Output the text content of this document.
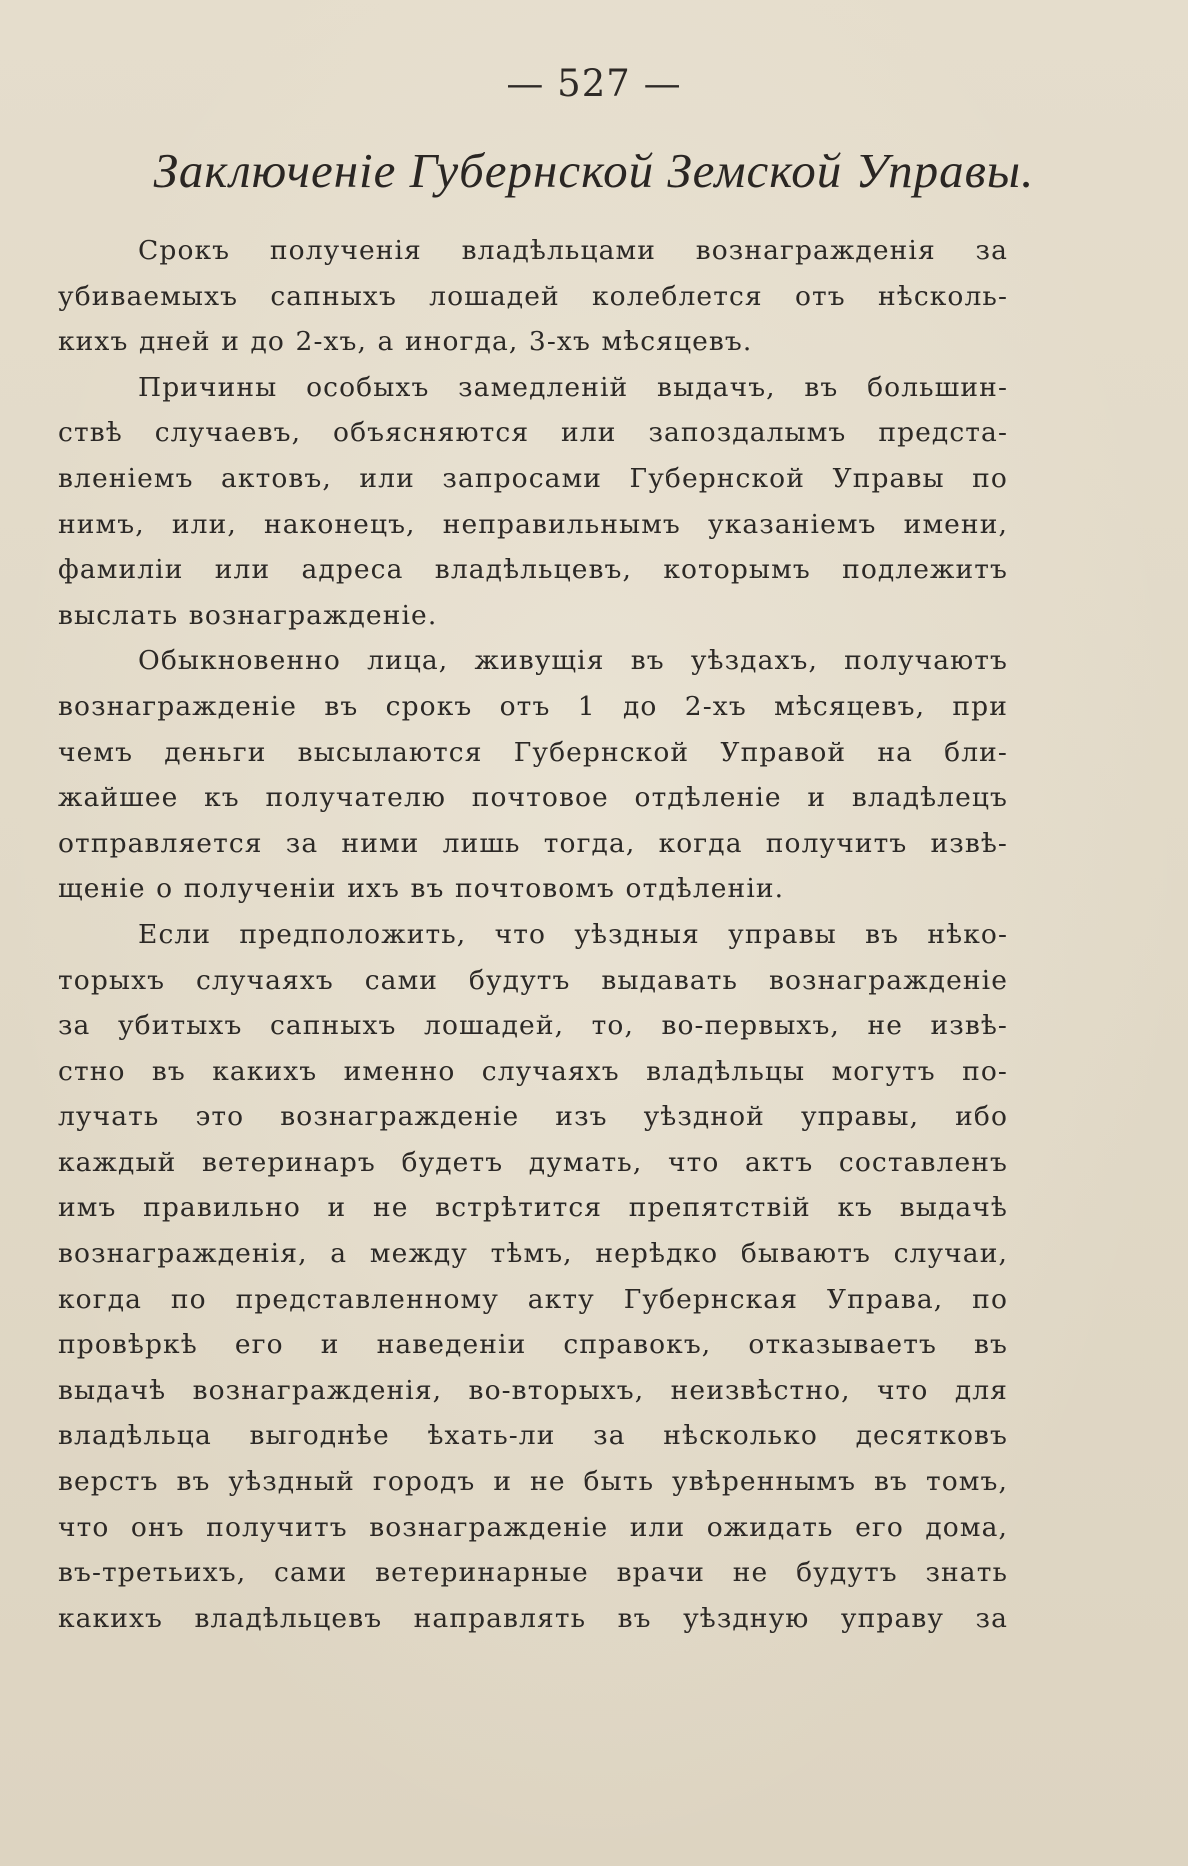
— 527 —
Заключенiе Губернской Земской Управы.
Срокъ полученiя владѣльцами вознагражденiя за
убиваемыхъ сапныхъ лошадей колеблется отъ нѣсколь-
кихъ дней и до 2-хъ, а иногда, 3-хъ мѣсяцевъ.
Причины особыхъ замедленiй выдачъ, въ большин-
ствѣ случаевъ, объясняются или запоздалымъ предста-
вленiемъ актовъ, или запросами Губернской Управы по
нимъ, или, наконецъ, неправильнымъ указанiемъ имени,
фамилiи или адреса владѣльцевъ, которымъ подлежитъ
выслать вознагражденiе.
Обыкновенно лица, живущiя въ уѣздахъ, получаютъ
вознагражденiе въ срокъ отъ 1 до 2-хъ мѣсяцевъ, при
чемъ деньги высылаются Губернской Управой на бли-
жайшее къ получателю почтовое отдѣленiе и владѣлецъ
отправляется за ними лишь тогда, когда получитъ извѣ-
щенiе о полученiи ихъ въ почтовомъ отдѣленiи.
Если предположить, что уѣздныя управы въ нѣко-
торыхъ случаяхъ сами будутъ выдавать вознагражденiе
за убитыхъ сапныхъ лошадей, то, во-первыхъ, не извѣ-
стно въ какихъ именно случаяхъ владѣльцы могутъ по-
лучать это вознагражденiе изъ уѣздной управы, ибо
каждый ветеринаръ будетъ думать, что актъ составленъ
имъ правильно и не встрѣтится препятствiй къ выдачѣ
вознагражденiя, а между тѣмъ, нерѣдко бываютъ случаи,
когда по представленному акту Губернская Управа, по
провѣркѣ его и наведенiи справокъ, отказываетъ въ
выдачѣ вознагражденiя, во-вторыхъ, неизвѣстно, что для
владѣльца выгоднѣе ѣхать-ли за нѣсколько десятковъ
верстъ въ уѣздный городъ и не быть увѣреннымъ въ томъ,
что онъ получитъ вознагражденiе или ожидать его дома,
въ-третьихъ, сами ветеринарные врачи не будутъ знать
какихъ владѣльцевъ направлять въ уѣздную управу за
